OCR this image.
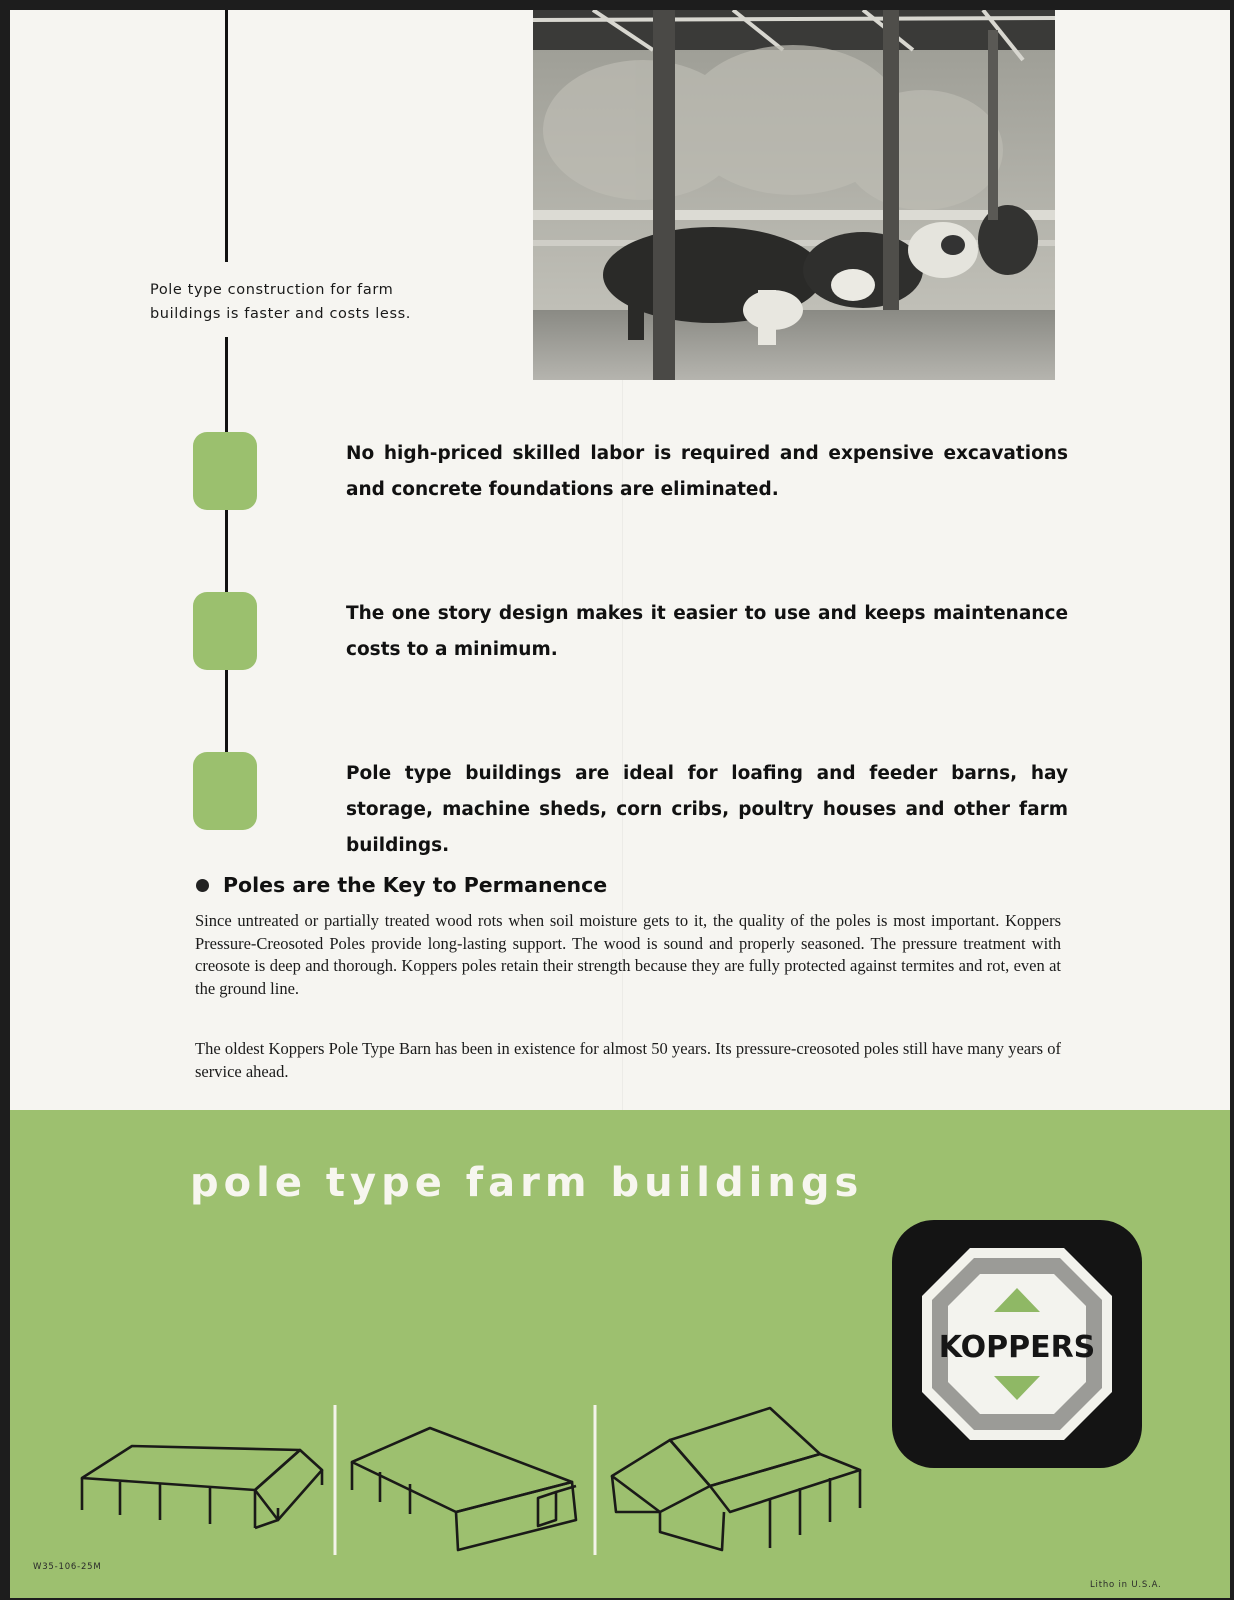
Pole type construction for farm buildings is faster and costs less.
No high-priced skilled labor is required and expensive excavations and concrete foundations are eliminated.
The one story design makes it easier to use and keeps maintenance costs to a minimum.
Pole type buildings are ideal for loafing and feeder barns, hay storage, machine sheds, corn cribs, poultry houses and other farm buildings.
Poles are the Key to Permanence
Since untreated or partially treated wood rots when soil moisture gets to it, the quality of the poles is most important. Koppers Pressure-Creosoted Poles provide long-lasting support. The wood is sound and properly seasoned. The pressure treatment with creosote is deep and thorough. Koppers poles retain their strength because they are fully protected against termites and rot, even at the ground line.
The oldest Koppers Pole Type Barn has been in existence for almost 50 years. Its pressure-creosoted poles still have many years of service ahead.
pole type farm buildings
KOPPERS
W35-106-25M
Litho in U.S.A.
